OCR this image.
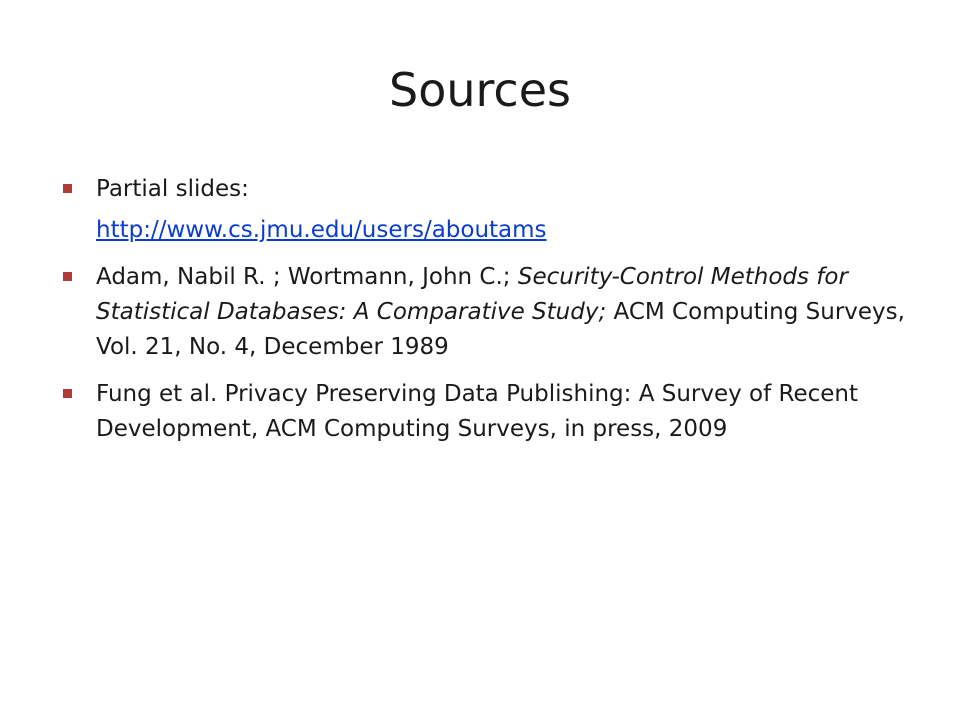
Sources
Partial slides:
http://www.cs.jmu.edu/users/aboutams
Adam, Nabil R. ; Wortmann, John C.; Security-Control Methods for Statistical Databases: A Comparative Study; ACM Computing Surveys, Vol. 21, No. 4, December 1989
Fung et al. Privacy Preserving Data Publishing: A Survey of Recent Development, ACM Computing Surveys, in press, 2009
